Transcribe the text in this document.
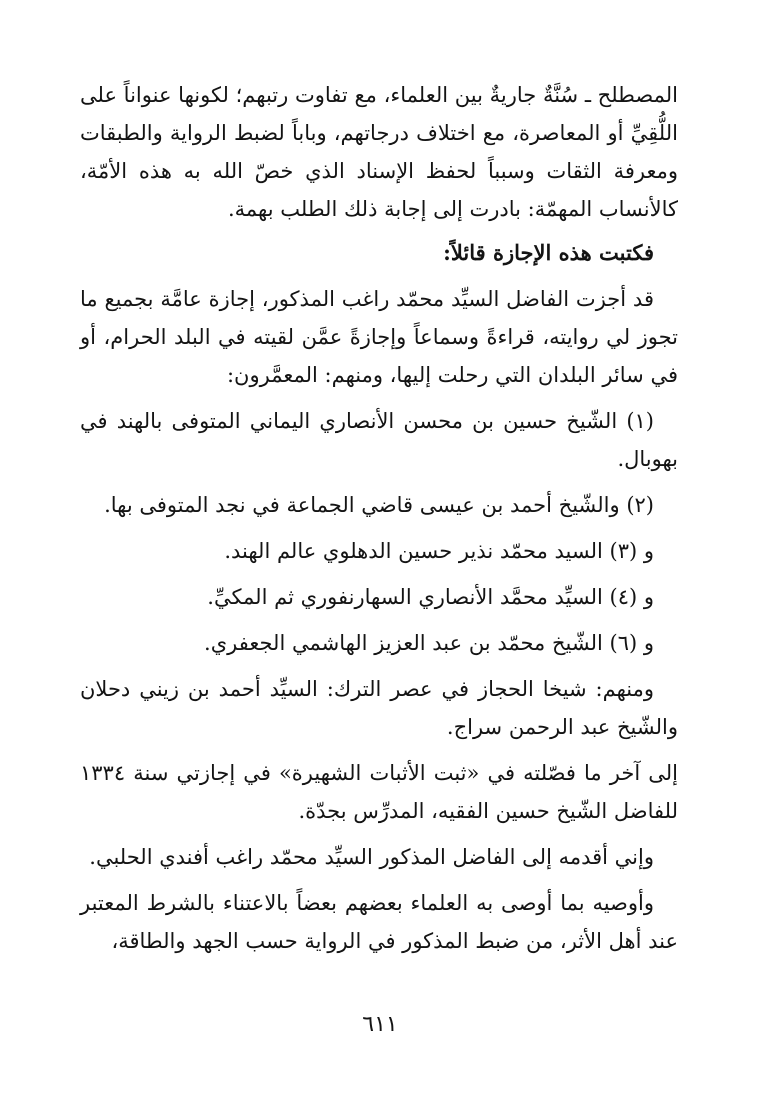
المصطلح ـ سُنَّةٌ جاريةٌ بين العلماء، مع تفاوت رتبهم؛ لكونها عنواناً على اللُّقِيِّ أو المعاصرة، مع اختلاف درجاتهم، وباباً لضبط الرواية والطبقات ومعرفة الثقات وسبباً لحفظ الإسناد الذي خصّ الله به هذه الأمّة، كالأنساب المهمّة: بادرت إلى إجابة ذلك الطلب بهمة.

فكتبت هذه الإجازة قائلاً:

قد أجزت الفاضل السيِّد محمّد راغب المذكور، إجازة عامَّة بجميع ما تجوز لي روايته، قراءةً وسماعاً وإجازةً عمَّن لقيته في البلد الحرام، أو في سائر البلدان التي رحلت إليها، ومنهم: المعمَّرون:

(١) الشّيخ حسين بن محسن الأنصاري اليماني المتوفى بالهند في بهوبال.

(٢) والشّيخ أحمد بن عيسى قاضي الجماعة في نجد المتوفى بها.

و (٣) السيد محمّد نذير حسين الدهلوي عالم الهند.

و (٤) السيِّد محمَّد الأنصاري السهارنفوري ثم المكيِّ.

و (٦) الشّيخ محمّد بن عبد العزيز الهاشمي الجعفري.

ومنهم: شيخا الحجاز في عصر الترك: السيِّد أحمد بن زيني دحلان والشّيخ عبد الرحمن سراج.

إلى آخر ما فصّلته في «ثبت الأثبات الشهيرة» في إجازتي سنة ١٣٣٤ للفاضل الشّيخ حسين الفقيه، المدرِّس بجدّة.

وإني أقدمه إلى الفاضل المذكور السيِّد محمّد راغب أفندي الحلبي.

وأوصيه بما أوصى به العلماء بعضهم بعضاً بالاعتناء بالشرط المعتبر عند أهل الأثر، من ضبط المذكور في الرواية حسب الجهد والطاقة،

٦١١
